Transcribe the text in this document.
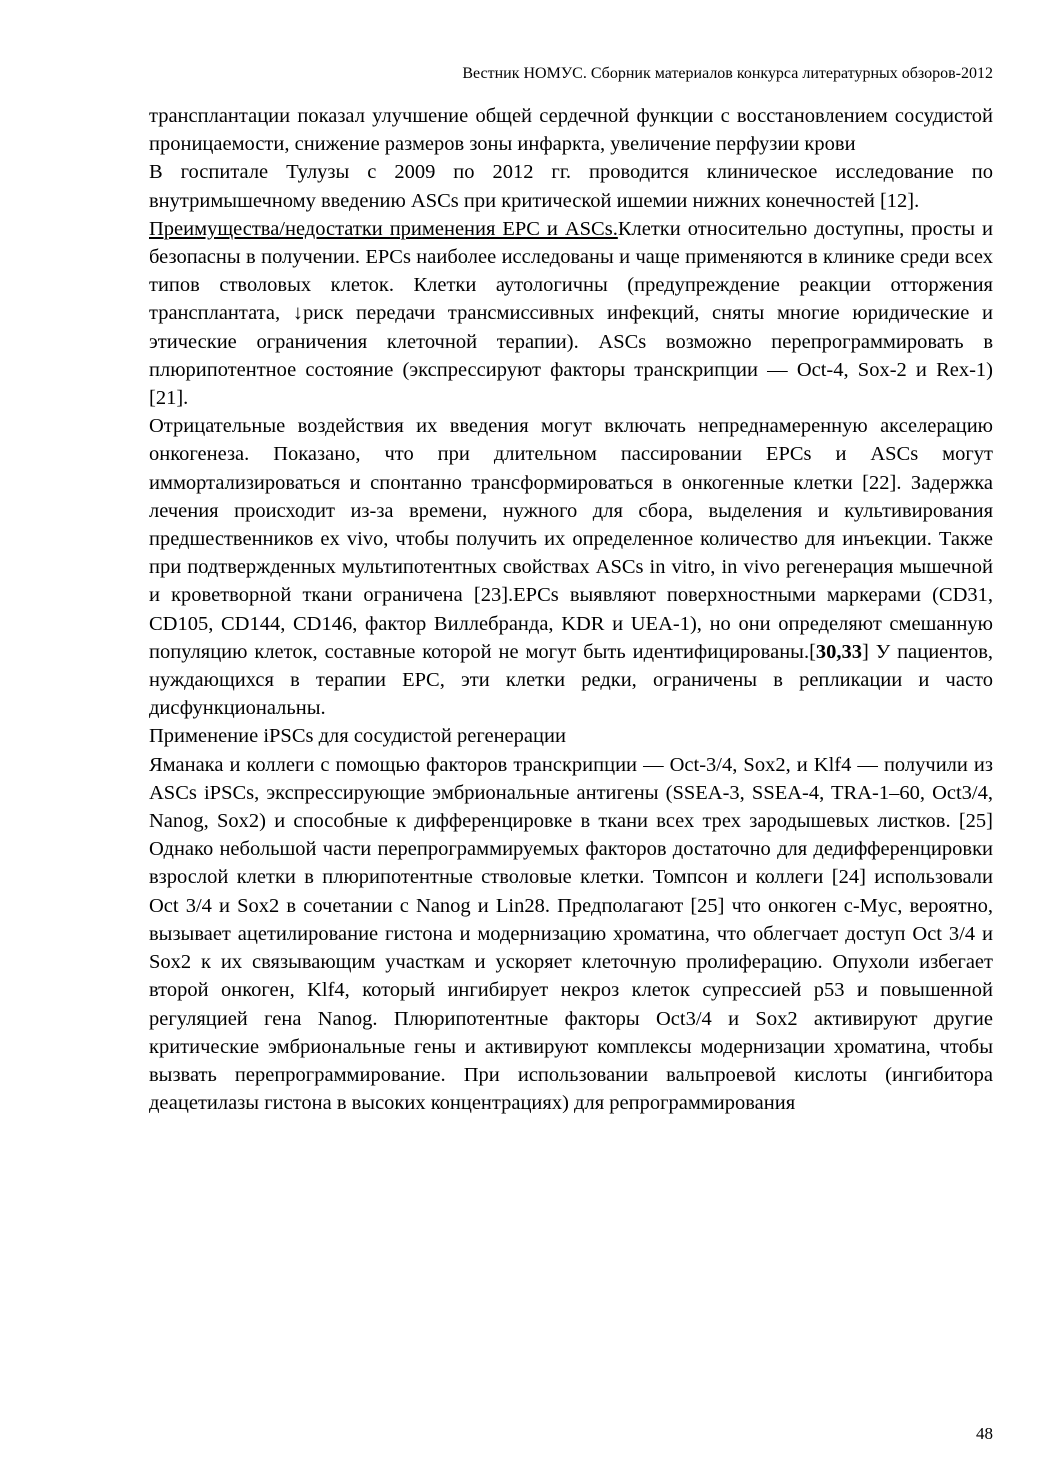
Вестник НОМУС. Сборник материалов конкурса литературных обзоров-2012

трансплантации показал улучшение общей сердечной функции с восстановлением сосудистой проницаемости, снижение размеров зоны инфаркта, увеличение перфузии крови

В госпитале Тулузы с 2009 по 2012 гг. проводится клиническое исследование по внутримышечному введению ASCs при критической ишемии нижних конечностей [12].

Преимущества/недостатки применения EPC и ASCs.Клетки относительно доступны, просты и безопасны в получении. EPCs наиболее исследованы и чаще применяются в клинике среди всех типов стволовых клеток. Клетки аутологичны (предупреждение реакции отторжения трансплантата, ↓риск передачи трансмиссивных инфекций, сняты многие юридические и этические ограничения клеточной терапии). ASCs возможно перепрограммировать в плюрипотентное состояние (экспрессируют факторы транскрипции — Oct-4, Sox-2 и Rex-1)[21].

Отрицательные воздействия их введения могут включать непреднамеренную акселерацию онкогенеза. Показано, что при длительном пассировании EPCs и ASCs могут иммортализироваться и спонтанно трансформироваться в онкогенные клетки [22]. Задержка лечения происходит из-за времени, нужного для сбора, выделения и культивирования предшественников ex vivo, чтобы получить их определенное количество для инъекции. Также при подтвержденных мультипотентных свойствах ASCs in vitro, in vivo регенерация мышечной и кроветворной ткани ограничена [23].EPCs выявляют поверхностными маркерами (CD31, CD105, CD144, CD146, фактор Виллебранда, KDR и UEA-1), но они определяют смешанную популяцию клеток, составные которой не могут быть идентифицированы.[30,33] У пациентов, нуждающихся в терапии EPC, эти клетки редки, ограничены в репликации и часто дисфункциональны.

Применение iPSCs для сосудистой регенерации

Яманака и коллеги с помощью факторов транскрипции — Oct-3/4, Sox2, и Klf4 — получили из ASCs iPSCs, экспрессирующие эмбриональные антигены (SSEA-3, SSEA-4, TRA-1–60, Oct3/4, Nanog, Sox2) и способные к дифференцировке в ткани всех трех зародышевых листков. [25] Однако небольшой части перепрограммируемых факторов достаточно для дедифференцировки взрослой клетки в плюрипотентные стволовые клетки. Томпсон и коллеги [24] использовали Oct 3/4 и Sox2 в сочетании с Nanog и Lin28. Предполагают [25] что онкоген c-Myc, вероятно, вызывает ацетилирование гистона и модернизацию хроматина, что облегчает доступ Oct 3/4 и Sox2 к их связывающим участкам и ускоряет клеточную пролиферацию. Опухоли избегает второй онкоген, Klf4, который ингибирует некроз клеток супрессией p53 и повышенной регуляцией гена Nanog. Плюрипотентные факторы Oct3/4 и Sox2 активируют другие критические эмбриональные гены и активируют комплексы модернизации хроматина, чтобы вызвать перепрограммирование. При использовании вальпроевой кислоты (ингибитора деацетилазы гистона в высоких концентрациях) для репрограммирования

48
